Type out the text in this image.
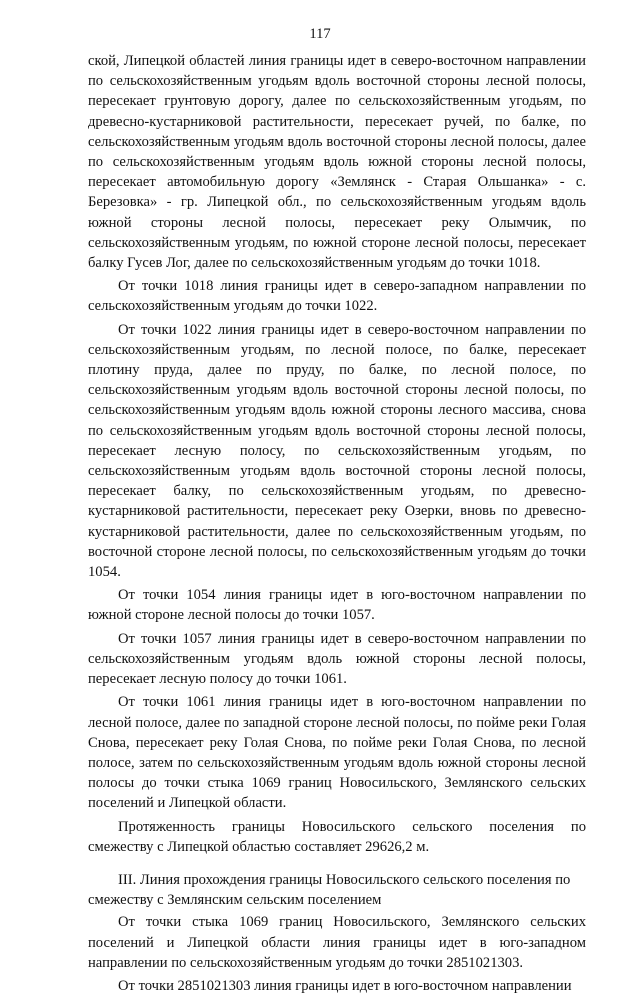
117

ской, Липецкой областей линия границы идет в северо-восточном направлении по сельскохозяйственным угодьям вдоль восточной стороны лесной полосы, пересекает грунтовую дорогу, далее по сельскохозяйственным угодьям, по древесно-кустарниковой растительности, пересекает ручей, по балке, по сельскохозяйственным угодьям вдоль восточной стороны лесной полосы, далее по сельскохозяйственным угодьям вдоль южной стороны лесной полосы, пересекает автомобильную дорогу «Землянск - Старая Ольшанка» - с. Березовка» - гр. Липецкой обл., по сельскохозяйственным угодьям вдоль южной стороны лесной полосы, пересекает реку Олымчик, по сельскохозяйственным угодьям, по южной стороне лесной полосы, пересекает балку Гусев Лог, далее по сельскохозяйственным угодьям до точки 1018.

От точки 1018 линия границы идет в северо-западном направлении по сельскохозяйственным угодьям до точки 1022.

От точки 1022 линия границы идет в северо-восточном направлении по сельскохозяйственным угодьям, по лесной полосе, по балке, пересекает плотину пруда, далее по пруду, по балке, по лесной полосе, по сельскохозяйственным угодьям вдоль восточной стороны лесной полосы, по сельскохозяйственным угодьям вдоль южной стороны лесного массива, снова по сельскохозяйственным угодьям вдоль восточной стороны лесной полосы, пересекает лесную полосу, по сельскохозяйственным угодьям, по сельскохозяйственным угодьям вдоль восточной стороны лесной полосы, пересекает балку, по сельскохозяйственным угодьям, по древесно-кустарниковой растительности, пересекает реку Озерки, вновь по древесно-кустарниковой растительности, далее по сельскохозяйственным угодьям, по восточной стороне лесной полосы, по сельскохозяйственным угодьям до точки 1054.

От точки 1054 линия границы идет в юго-восточном направлении по южной стороне лесной полосы до точки 1057.

От точки 1057 линия границы идет в северо-восточном направлении по сельскохозяйственным угодьям вдоль южной стороны лесной полосы, пересекает лесную полосу до точки 1061.

От точки 1061 линия границы идет в юго-восточном направлении по лесной полосе, далее по западной стороне лесной полосы, по пойме реки Голая Снова, пересекает реку Голая Снова, по пойме реки Голая Снова, по лесной полосе, затем по сельскохозяйственным угодьям вдоль южной стороны лесной полосы до точки стыка 1069 границ Новосильского, Землянского сельских поселений и Липецкой области.

Протяженность границы Новосильского сельского поселения по смежеству с Липецкой областью составляет 29626,2 м.

III. Линия прохождения границы Новосильского сельского поселения по смежеству с Землянским сельским поселением

От точки стыка 1069 границ Новосильского, Землянского сельских поселений и Липецкой области линия границы идет в юго-западном направлении по сельскохозяйственным угодьям до точки 2851021303.

От точки 2851021303 линия границы идет в юго-восточном направлении
